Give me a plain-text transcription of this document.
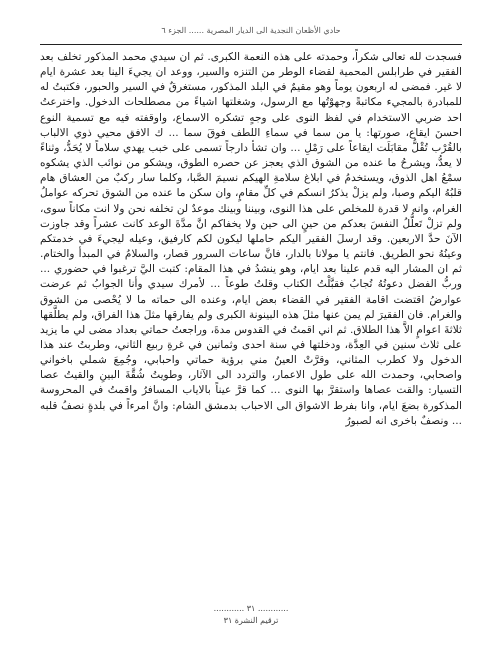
حادي الأظعان النجدية الى الديار المصرية ...... الجزء ٦

فسجدت لله تعالى شكراً، وحمدته على هذه النعمة الكبرى. ثم ان سيدي محمد المذكور تخلف بعد الفقير في طرابلس المحمية لقضاء الوطر من التنزه والسير، ووعد ان يجيءَ الينا بعد عشرة ايام لا غير. فمضى له اربعون يوماً وهو مقيمٌ في البلد المذكور، مستغرقٌ في السير والحبور، فكتبتُ له للمبادرة بالمجيء مكاتبةً وجهوْتُها مع الرسول، وشغلتها اشياءً من مصطلحات الدخول. واخترعتُ احد ضربي الاستخدام في لفظ النوى على وجهٍ تشكره الاسماع، واوقفته فيه مع تسمية النوع احسنَ ايقاع، صورتها: يا من سما في سماءِ اللطف فوقَ سما ... ك الافق محيي ذوي الالباب بالقُرْب تُقْلُّ مقابَلَت ايقاعاً على رَمْلِ ... وان تشأ دارجاً تسمى على خبب يهدي سلاماً لا يُحَدُّ، وثناءً لا يعدُّ، ويشرحُ ما عنده من الشوق الذي يعجز عن حصره الطوق، ويشكو من نوائب الذي يشكوه سمْعُ اهل الذوق، ويستخدمُ في ابلاغ سلامةِ الهيكم نسيمَ الصَّبا، وكلما سار ركبٌ من العشاق هام قلبُهُ اليكم وصبا، ولم يزلْ يذكرُ انسكم في كلِّ مقامٍ، وان سكن ما عنده من الشوق تحركه عواملُ الغرام، وانه لا قدرة للمخلص على هذا النوى، وبيننا وبينك موعدٌ لن تخلفه نحن ولا انت مكاناً سوى، ولم تزلْ تَعلُّلُ النفسَ بعدكم من حينٍ الى حين ولا يخفاكم انَّ مدَّةَ الوعد كانت عشراً وقد جاوزت الآنَ حدَّ الاربعين. وقد ارسلَ الفقير اليكم حاملها ليكون لكم كارفيق، وعيله ليجيءَ في خدمتكم وعينُهُ نحو الطريق. فانتم يا مولانا بالدار، فانَّ ساعات السرور قصار، والسلامُ في المبدأ والختام. ثم ان المشار اليه قدم علينا بعد ايام، وهو ينشدُ في هذا المقام: كتبت اليَّ ترغبوا في حضوري ... وربُّ الفضل دعوتُهُ تُجابُ فقبَّلْتُ الكتاب وقلتُ طوعاً ... لأمرك سيدي وأنا الجوابُ ثم عرضت عوارضُ اقتضت اقامة الفقير في القضاء بعض ايام، وعنده الى حماته ما لا يُحْصى من الشوق والغرام. فان الفقيرَ لم يمن عنها مثلَ هذه البينونة الكبرى ولم يفارقها مثلَ هذا الفراق، ولم يطلَّقها ثلاثةَ اعوامٍ الاَّ هذا الطلاق. ثم اني اقمتُ في القدوس مدةَ، وراجعتُ حماتي بعداد مضى لي ما يزيد على ثلاث سنين في العِدَّة، ودخلتها في سنة احدى وثمانين في غرةِ ربيع الثاني، وطربتُ عند هذا الدخول ولا كطرب المثاني، وقرَّتْ العينُ مني برؤية حماتي واحبابي، وجُمِعَ شملي باخواني واصحابي، وحمدت الله على طول الاعمار، والتردد الى الآثار، وطويتُ شُقَّةَ البينِ والقيتُ عصا التسيار: والقت عصاها واستقرَّ بها النوى ... كما قرَّ عيناً بالاياب المسافرُ واقمتُ في المحروسة المذكورة بضعَ ايام، وانا بفرط الاشواق الى الاحباب بدمشق الشام: وانَّ امرءاً في بلدةٍ نصفُ قلبه ... ونصفٌ باخرى انه لصبورُ

............ ٣١ ............
ترقيم النشرة ٣١
